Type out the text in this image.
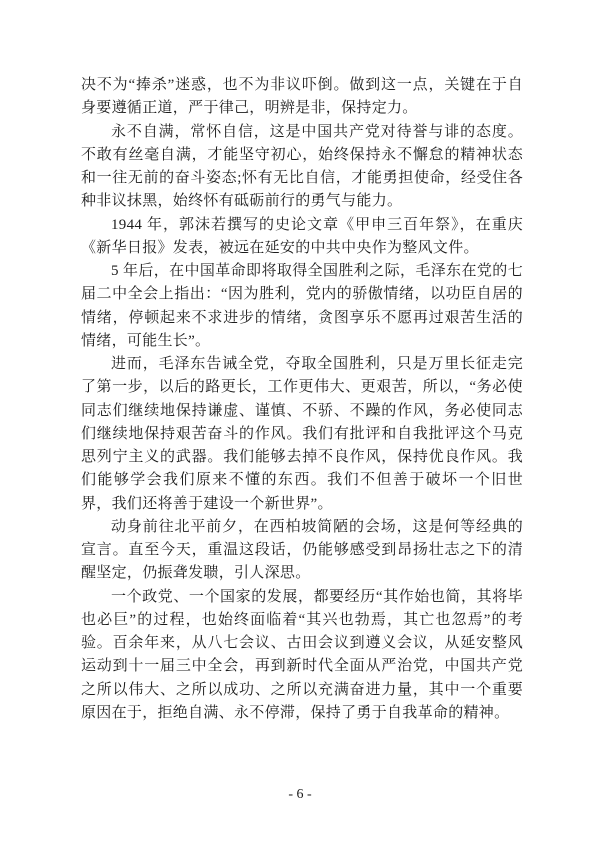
决不为“捧杀”迷惑，也不为非议吓倒。做到这一点，关键在于自身要遵循正道，严于律己，明辨是非，保持定力。

永不自满，常怀自信，这是中国共产党对待誉与诽的态度。不敢有丝毫自满，才能坚守初心，始终保持永不懈怠的精神状态和一往无前的奋斗姿态;怀有无比自信，才能勇担使命，经受住各种非议抹黑，始终怀有砥砺前行的勇气与能力。

1944 年，郭沫若撰写的史论文章《甲申三百年祭》，在重庆《新华日报》发表，被远在延安的中共中央作为整风文件。

5 年后，在中国革命即将取得全国胜利之际，毛泽东在党的七届二中全会上指出：“因为胜利，党内的骄傲情绪，以功臣自居的情绪，停顿起来不求进步的情绪，贪图享乐不愿再过艰苦生活的情绪，可能生长”。

进而，毛泽东告诫全党，夺取全国胜利，只是万里长征走完了第一步，以后的路更长，工作更伟大、更艰苦，所以，“务必使同志们继续地保持谦虚、谨慎、不骄、不躁的作风，务必使同志们继续地保持艰苦奋斗的作风。我们有批评和自我批评这个马克思列宁主义的武器。我们能够去掉不良作风，保持优良作风。我们能够学会我们原来不懂的东西。我们不但善于破坏一个旧世界，我们还将善于建设一个新世界”。

动身前往北平前夕，在西柏坡简陋的会场，这是何等经典的宣言。直至今天，重温这段话，仍能够感受到昂扬壮志之下的清醒坚定，仍振聋发聩，引人深思。

一个政党、一个国家的发展，都要经历“其作始也简，其将毕也必巨”的过程，也始终面临着“其兴也勃焉，其亡也忽焉”的考验。百余年来，从八七会议、古田会议到遵义会议，从延安整风运动到十一届三中全会，再到新时代全面从严治党，中国共产党之所以伟大、之所以成功、之所以充满奋进力量，其中一个重要原因在于，拒绝自满、永不停滞，保持了勇于自我革命的精神。

- 6 -
